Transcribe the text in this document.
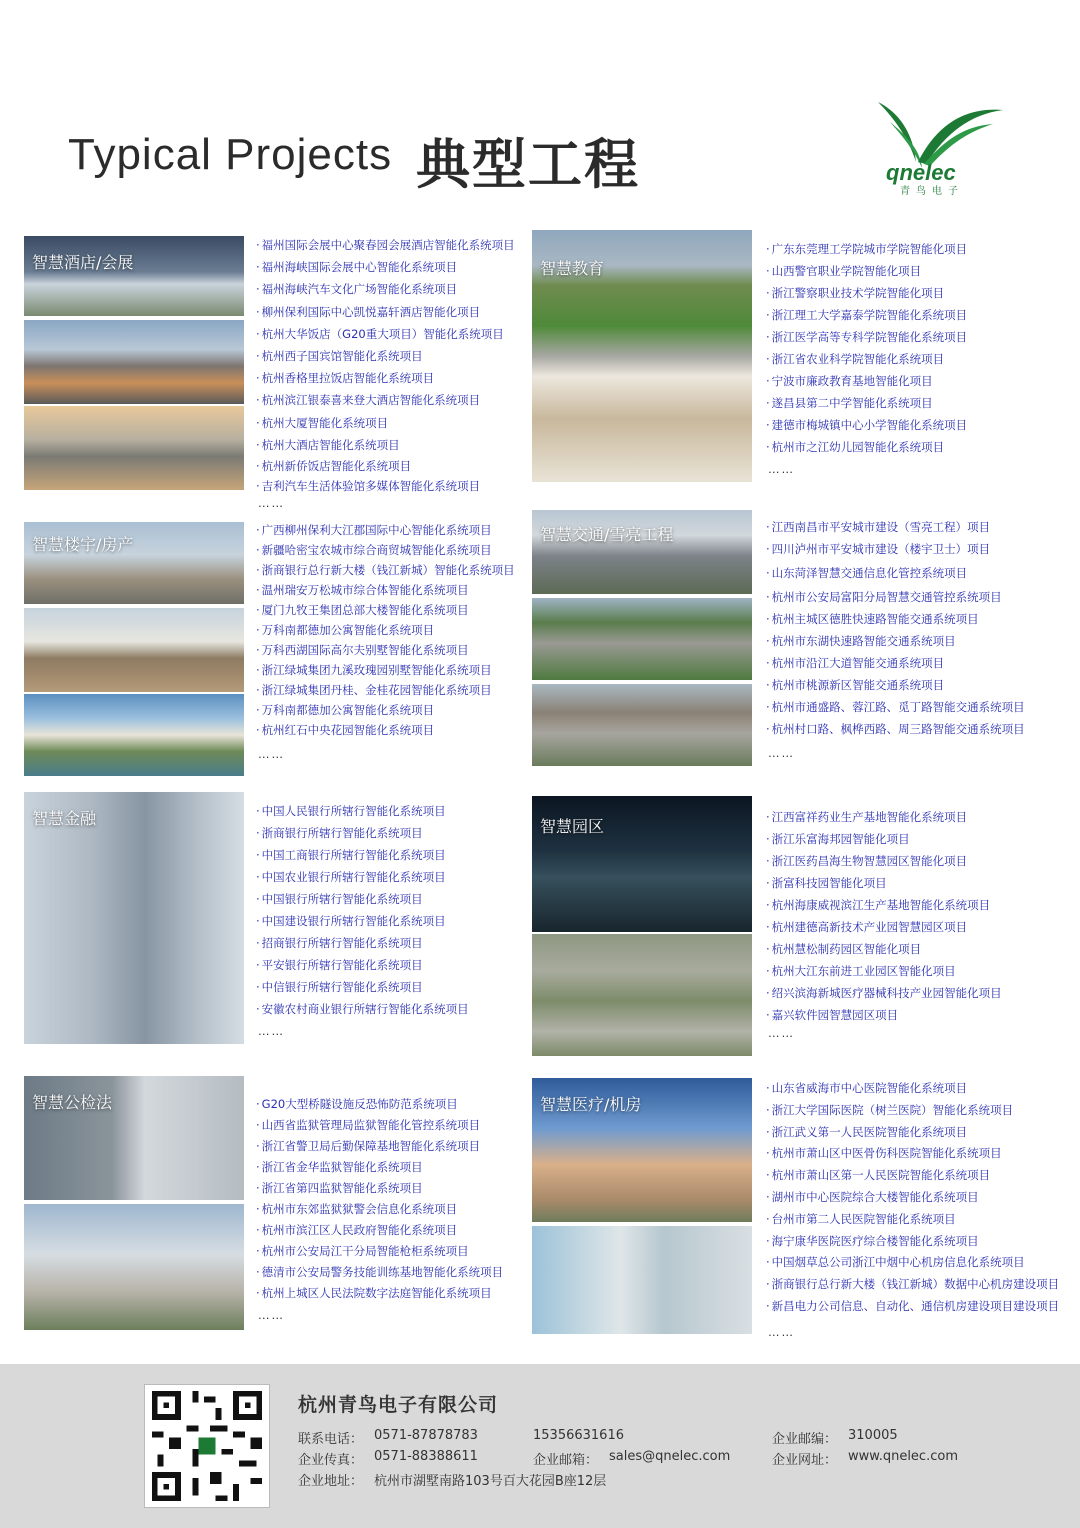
Typical Projects 典型工程	qnelec
青鸟电子
智慧酒店/会展
· 福州国际会展中心聚春园会展酒店智能化系统项目
· 福州海峡国际会展中心智能化系统项目
· 福州海峡汽车文化广场智能化系统项目
· 柳州保利国际中心凯悦嘉轩酒店智能化项目
· 杭州大华饭店（G20重大项目）智能化系统项目
· 杭州西子国宾馆智能化系统项目
· 杭州香格里拉饭店智能化系统项目
· 杭州滨江银泰喜来登大酒店智能化系统项目
· 杭州大厦智能化系统项目
· 杭州大酒店智能化系统项目
· 杭州新侨饭店智能化系统项目
· 吉利汽车生活体验馆多媒体智能化系统项目
……
智慧教育
· 广东东莞理工学院城市学院智能化项目
· 山西警官职业学院智能化项目
· 浙江警察职业技术学院智能化项目
· 浙江理工大学嘉泰学院智能化系统项目
· 浙江医学高等专科学院智能化系统项目
· 浙江省农业科学院智能化系统项目
· 宁波市廉政教育基地智能化项目
· 遂昌县第二中学智能化系统项目
· 建德市梅城镇中心小学智能化系统项目
· 杭州市之江幼儿园智能化系统项目
……
智慧楼宇/房产
· 广西柳州保利大江郡国际中心智能化系统项目
· 新疆哈密宝农城市综合商贸城智能化系统项目
· 浙商银行总行新大楼（钱江新城）智能化系统项目
· 温州瑞安万松城市综合体智能化系统项目
· 厦门九牧王集团总部大楼智能化系统项目
· 万科南都德加公寓智能化系统项目
· 万科西湖国际高尔夫别墅智能化系统项目
· 浙江绿城集团九溪玫瑰园别墅智能化系统项目
· 浙江绿城集团丹桂、金桂花园智能化系统项目
· 万科南都德加公寓智能化系统项目
· 杭州红石中央花园智能化系统项目
……
智慧交通/雪亮工程	· 江西南昌市平安城市建设（雪亮工程）项目
· 四川泸州市平安城市建设（楼宇卫士）项目
· 山东菏泽智慧交通信息化管控系统项目
· 杭州市公安局富阳分局智慧交通管控系统项目
· 杭州主城区德胜快速路智能交通系统项目
· 杭州市东湖快速路智能交通系统项目
· 杭州市沿江大道智能交通系统项目
· 杭州市桃源新区智能交通系统项目
· 杭州市通盛路、蓉江路、觅丁路智能交通系统项目
· 杭州村口路、枫桦西路、周三路智能交通系统项目
……
智慧金融	· 中国人民银行所辖行智能化系统项目
· 浙商银行所辖行智能化系统项目
· 中国工商银行所辖行智能化系统项目
· 中国农业银行所辖行智能化系统项目
· 中国银行所辖行智能化系统项目
· 中国建设银行所辖行智能化系统项目
· 招商银行所辖行智能化系统项目
· 平安银行所辖行智能化系统项目
· 中信银行所辖行智能化系统项目
· 安徽农村商业银行所辖行智能化系统项目
……
智慧园区	· 江西富祥药业生产基地智能化系统项目
· 浙江乐富海邦园智能化项目
· 浙江医药昌海生物智慧园区智能化项目
· 浙富科技园智能化项目
· 杭州海康威视滨江生产基地智能化系统项目
· 杭州建德高新技术产业园智慧园区项目
· 杭州慧松制药园区智能化项目
· 杭州大江东前进工业园区智能化项目
· 绍兴滨海新城医疗器械科技产业园智能化项目
· 嘉兴软件园智慧园区项目
……
智慧公检法	· G20大型桥隧设施反恐怖防范系统项目
· 山西省监狱管理局监狱智能化管控系统项目
· 浙江省警卫局后勤保障基地智能化系统项目
· 浙江省金华监狱智能化系统项目
· 浙江省第四监狱智能化系统项目
· 杭州市东郊监狱狱警会信息化系统项目
· 杭州市滨江区人民政府智能化系统项目
· 杭州市公安局江干分局智能枪柜系统项目
· 德清市公安局警务技能训练基地智能化系统项目
· 杭州上城区人民法院数字法庭智能化系统项目
……
智慧医疗/机房
· 山东省威海市中心医院智能化系统项目
· 浙江大学国际医院（树兰医院）智能化系统项目
· 浙江武义第一人民医院智能化系统项目
· 杭州市萧山区中医骨伤科医院智能化系统项目
· 杭州市萧山区第一人民医院智能化系统项目
· 湖州市中心医院综合大楼智能化系统项目
· 台州市第二人民医院智能化系统项目
· 海宁康华医院医疗综合楼智能化系统项目
· 中国烟草总公司浙江中烟中心机房信息化系统项目
· 浙商银行总行新大楼（钱江新城）数据中心机房建设项目
· 新昌电力公司信息、自动化、通信机房建设项目建设项目
……
杭州青鸟电子有限公司
联系电话： 0571-87878783	15356631616	企业邮编： 310005
企业传真： 0571-88388611	企业邮箱： sales@qnelec.com	企业网址： www.qnelec.com
企业地址： 杭州市湖墅南路103号百大花园B座12层
